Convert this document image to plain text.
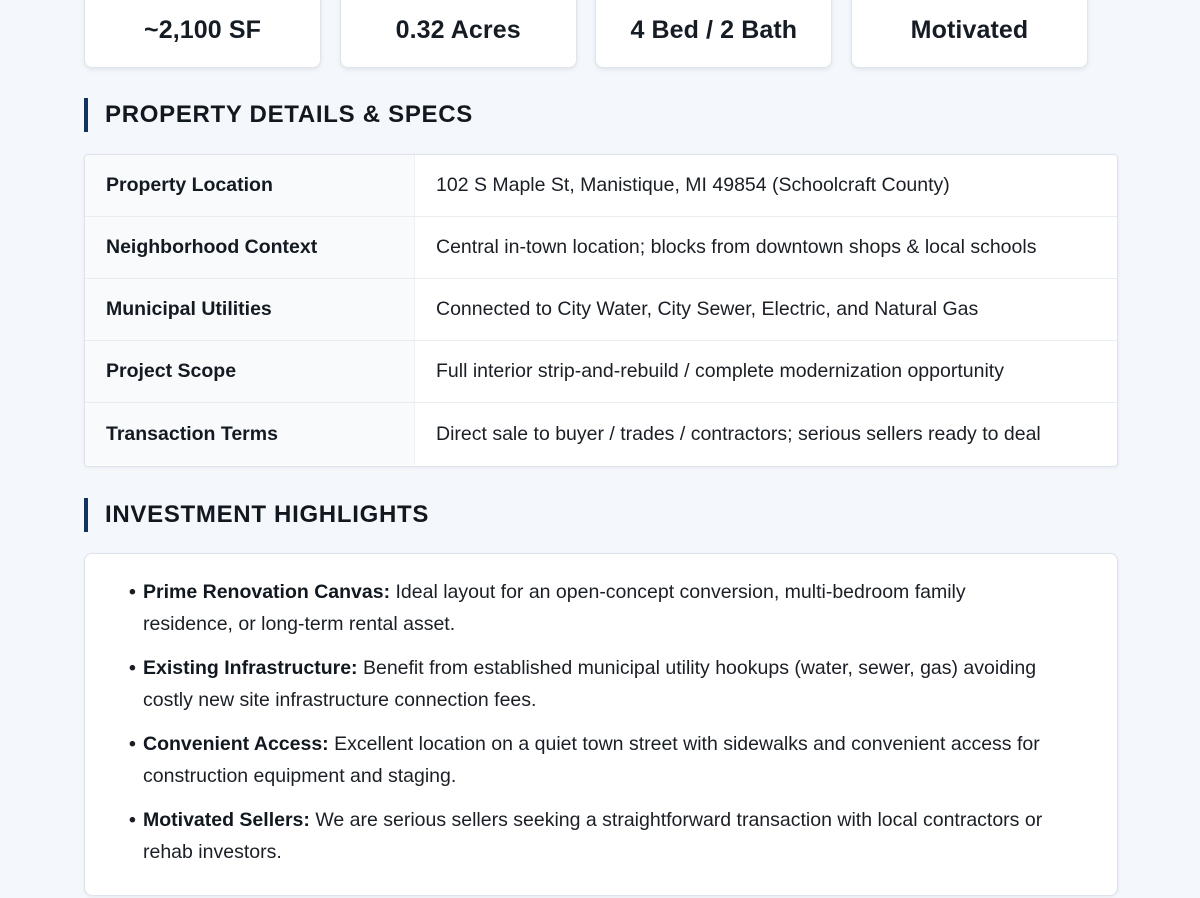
~2,100 SF	0.32 Acres	4 Bed / 2 Bath	Motivated
PROPERTY DETAILS & SPECS
Property Location	102 S Maple St, Manistique, MI 49854 (Schoolcraft County)
Neighborhood Context	Central in-town location; blocks from downtown shops & local schools
Municipal Utilities	Connected to City Water, City Sewer, Electric, and Natural Gas
Project Scope	Full interior strip-and-rebuild / complete modernization opportunity
Transaction Terms	Direct sale to buyer / trades / contractors; serious sellers ready to deal
INVESTMENT HIGHLIGHTS
• Prime Renovation Canvas: Ideal layout for an open-concept conversion, multi-bedroom family residence, or long-term rental asset.
• Existing Infrastructure: Benefit from established municipal utility hookups (water, sewer, gas) avoiding costly new site infrastructure connection fees.
• Convenient Access: Excellent location on a quiet town street with sidewalks and convenient access for construction equipment and staging.
• Motivated Sellers: We are serious sellers seeking a straightforward transaction with local contractors or rehab investors.
